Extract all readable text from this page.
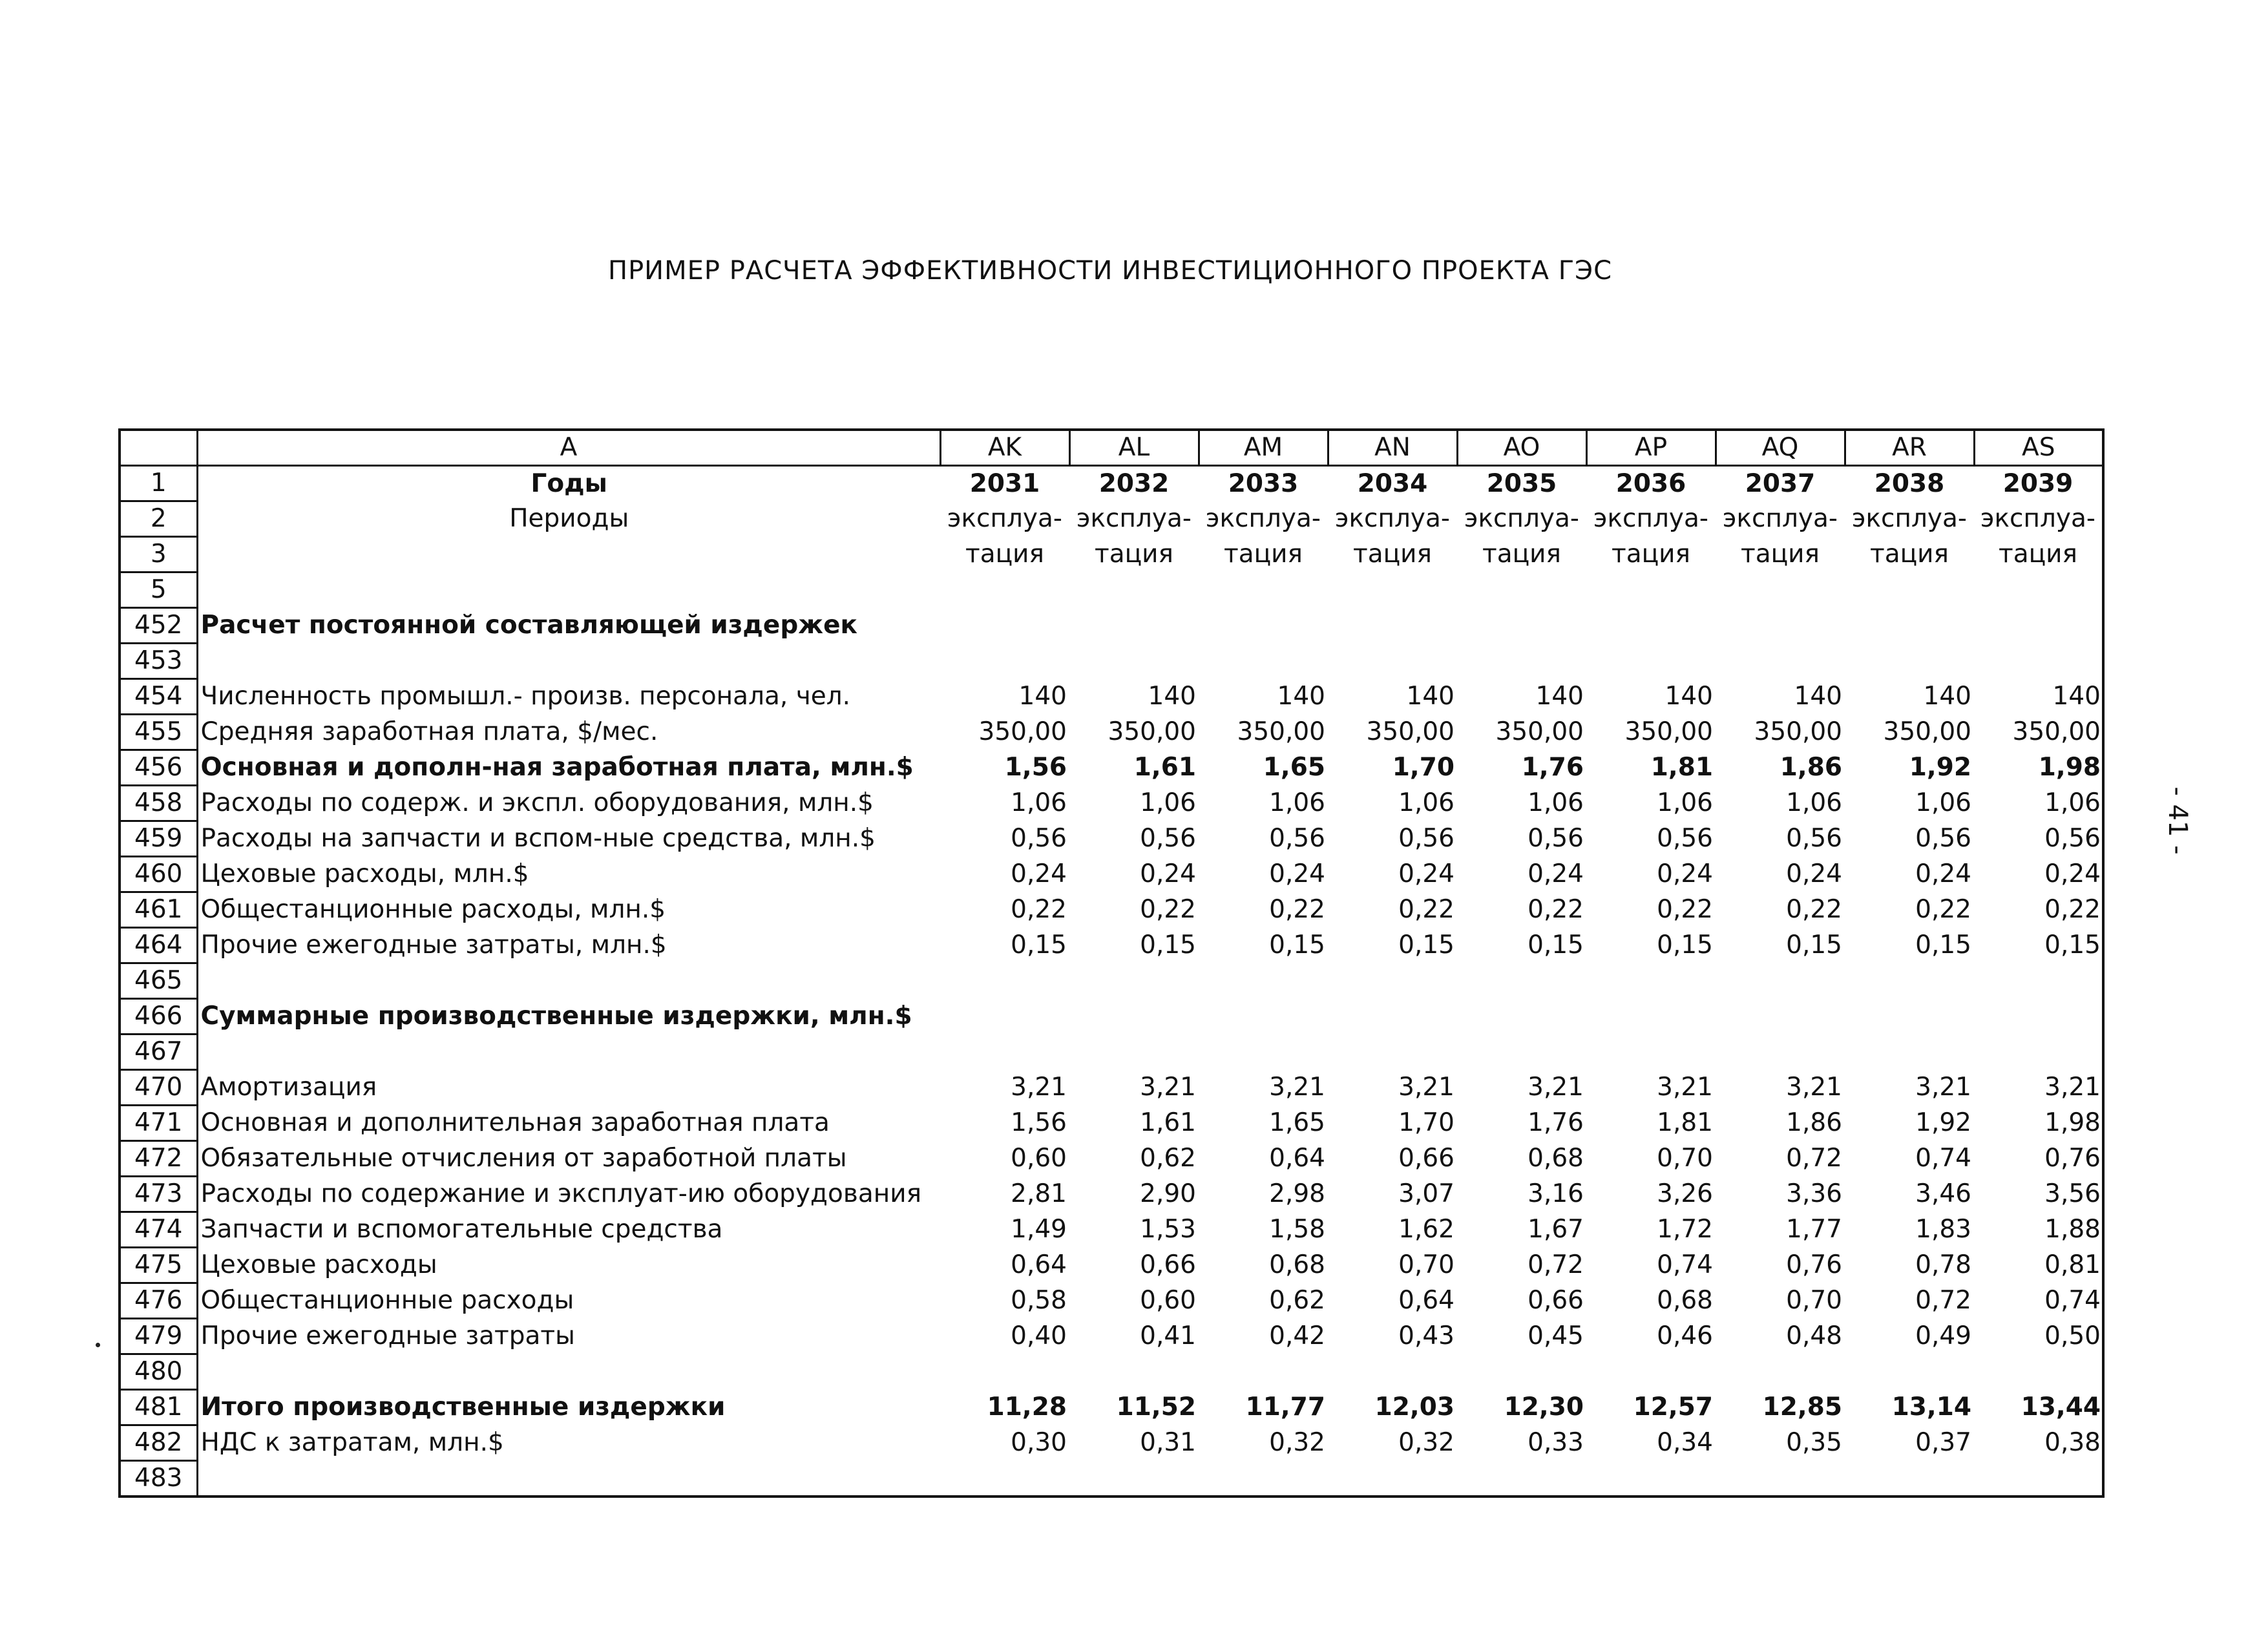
ПРИМЕР РАСЧЕТА ЭФФЕКТИВНОСТИ ИНВЕСТИЦИОННОГО ПРОЕКТА ГЭС
- 41 -
	A	AK	AL	AM	AN	AO	AP	AQ	AR	AS
1	Годы	2031	2032	2033	2034	2035	2036	2037	2038	2039
2	Периоды	эксплуа-	эксплуа-	эксплуа-	эксплуа-	эксплуа-	эксплуа-	эксплуа-	эксплуа-	эксплуа-
3		тация	тация	тация	тация	тация	тация	тация	тация	тация
5										
452	Расчет постоянной составляющей издержек									
453										
454	Численность промышл.- произв. персонала, чел.	140	140	140	140	140	140	140	140	140
455	Средняя заработная плата, $/мес.	350,00	350,00	350,00	350,00	350,00	350,00	350,00	350,00	350,00
456	Основная и дополн-ная заработная плата, млн.$	1,56	1,61	1,65	1,70	1,76	1,81	1,86	1,92	1,98
458	Расходы по содерж. и экспл. оборудования, млн.$	1,06	1,06	1,06	1,06	1,06	1,06	1,06	1,06	1,06
459	Расходы на запчасти и вспом-ные средства, млн.$	0,56	0,56	0,56	0,56	0,56	0,56	0,56	0,56	0,56
460	Цеховые расходы, млн.$	0,24	0,24	0,24	0,24	0,24	0,24	0,24	0,24	0,24
461	Общестанционные расходы, млн.$	0,22	0,22	0,22	0,22	0,22	0,22	0,22	0,22	0,22
464	Прочие ежегодные затраты, млн.$	0,15	0,15	0,15	0,15	0,15	0,15	0,15	0,15	0,15
465										
466	Суммарные производственные издержки, млн.$									
467										
470	Амортизация	3,21	3,21	3,21	3,21	3,21	3,21	3,21	3,21	3,21
471	Основная и дополнительная заработная плата	1,56	1,61	1,65	1,70	1,76	1,81	1,86	1,92	1,98
472	Обязательные отчисления от заработной платы	0,60	0,62	0,64	0,66	0,68	0,70	0,72	0,74	0,76
473	Расходы по содержание и эксплуат-ию оборудования	2,81	2,90	2,98	3,07	3,16	3,26	3,36	3,46	3,56
474	Запчасти и вспомогательные средства	1,49	1,53	1,58	1,62	1,67	1,72	1,77	1,83	1,88
475	Цеховые расходы	0,64	0,66	0,68	0,70	0,72	0,74	0,76	0,78	0,81
476	Общестанционные расходы	0,58	0,60	0,62	0,64	0,66	0,68	0,70	0,72	0,74
479	Прочие ежегодные затраты	0,40	0,41	0,42	0,43	0,45	0,46	0,48	0,49	0,50
480										
481	Итого производственные издержки	11,28	11,52	11,77	12,03	12,30	12,57	12,85	13,14	13,44
482	НДС к затратам, млн.$	0,30	0,31	0,32	0,32	0,33	0,34	0,35	0,37	0,38
483										
